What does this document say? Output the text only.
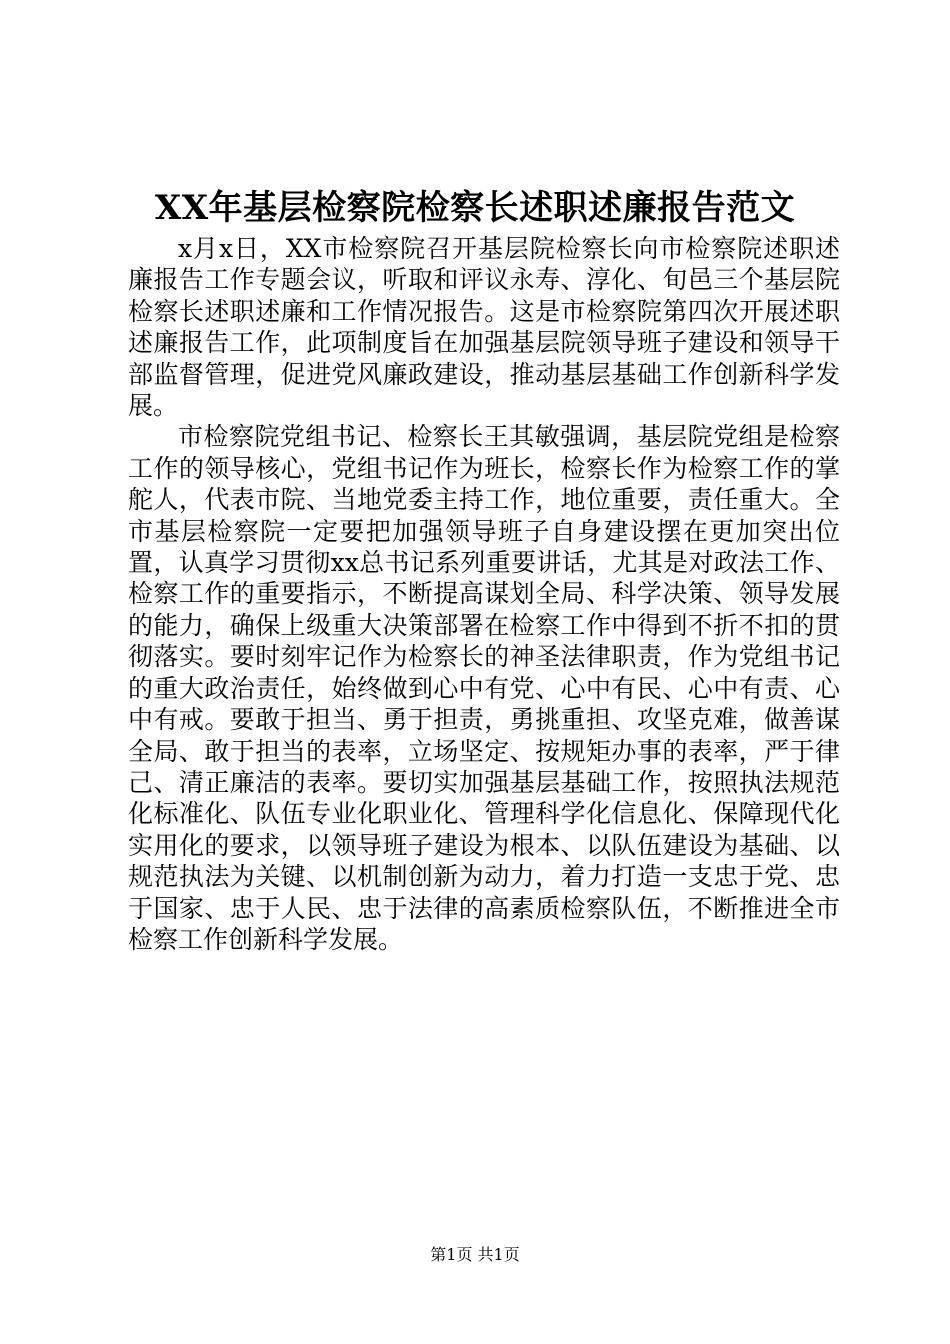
XX年基层检察院检察长述职述廉报告范文

x月x日，XX市检察院召开基层院检察长向市检察院述职述廉报告工作专题会议，听取和评议永寿、淳化、旬邑三个基层院检察长述职述廉和工作情况报告。这是市检察院第四次开展述职述廉报告工作，此项制度旨在加强基层院领导班子建设和领导干部监督管理，促进党风廉政建设，推动基层基础工作创新科学发展。

市检察院党组书记、检察长王其敏强调，基层院党组是检察工作的领导核心，党组书记作为班长，检察长作为检察工作的掌舵人，代表市院、当地党委主持工作，地位重要，责任重大。全市基层检察院一定要把加强领导班子自身建设摆在更加突出位置，认真学习贯彻xx总书记系列重要讲话，尤其是对政法工作、检察工作的重要指示，不断提高谋划全局、科学决策、领导发展的能力，确保上级重大决策部署在检察工作中得到不折不扣的贯彻落实。要时刻牢记作为检察长的神圣法律职责，作为党组书记的重大政治责任，始终做到心中有党、心中有民、心中有责、心中有戒。要敢于担当、勇于担责，勇挑重担、攻坚克难，做善谋全局、敢于担当的表率，立场坚定、按规矩办事的表率，严于律己、清正廉洁的表率。要切实加强基层基础工作，按照执法规范化标准化、队伍专业化职业化、管理科学化信息化、保障现代化实用化的要求，以领导班子建设为根本、以队伍建设为基础、以规范执法为关键、以机制创新为动力，着力打造一支忠于党、忠于国家、忠于人民、忠于法律的高素质检察队伍，不断推进全市检察工作创新科学发展。

第1页 共1页
